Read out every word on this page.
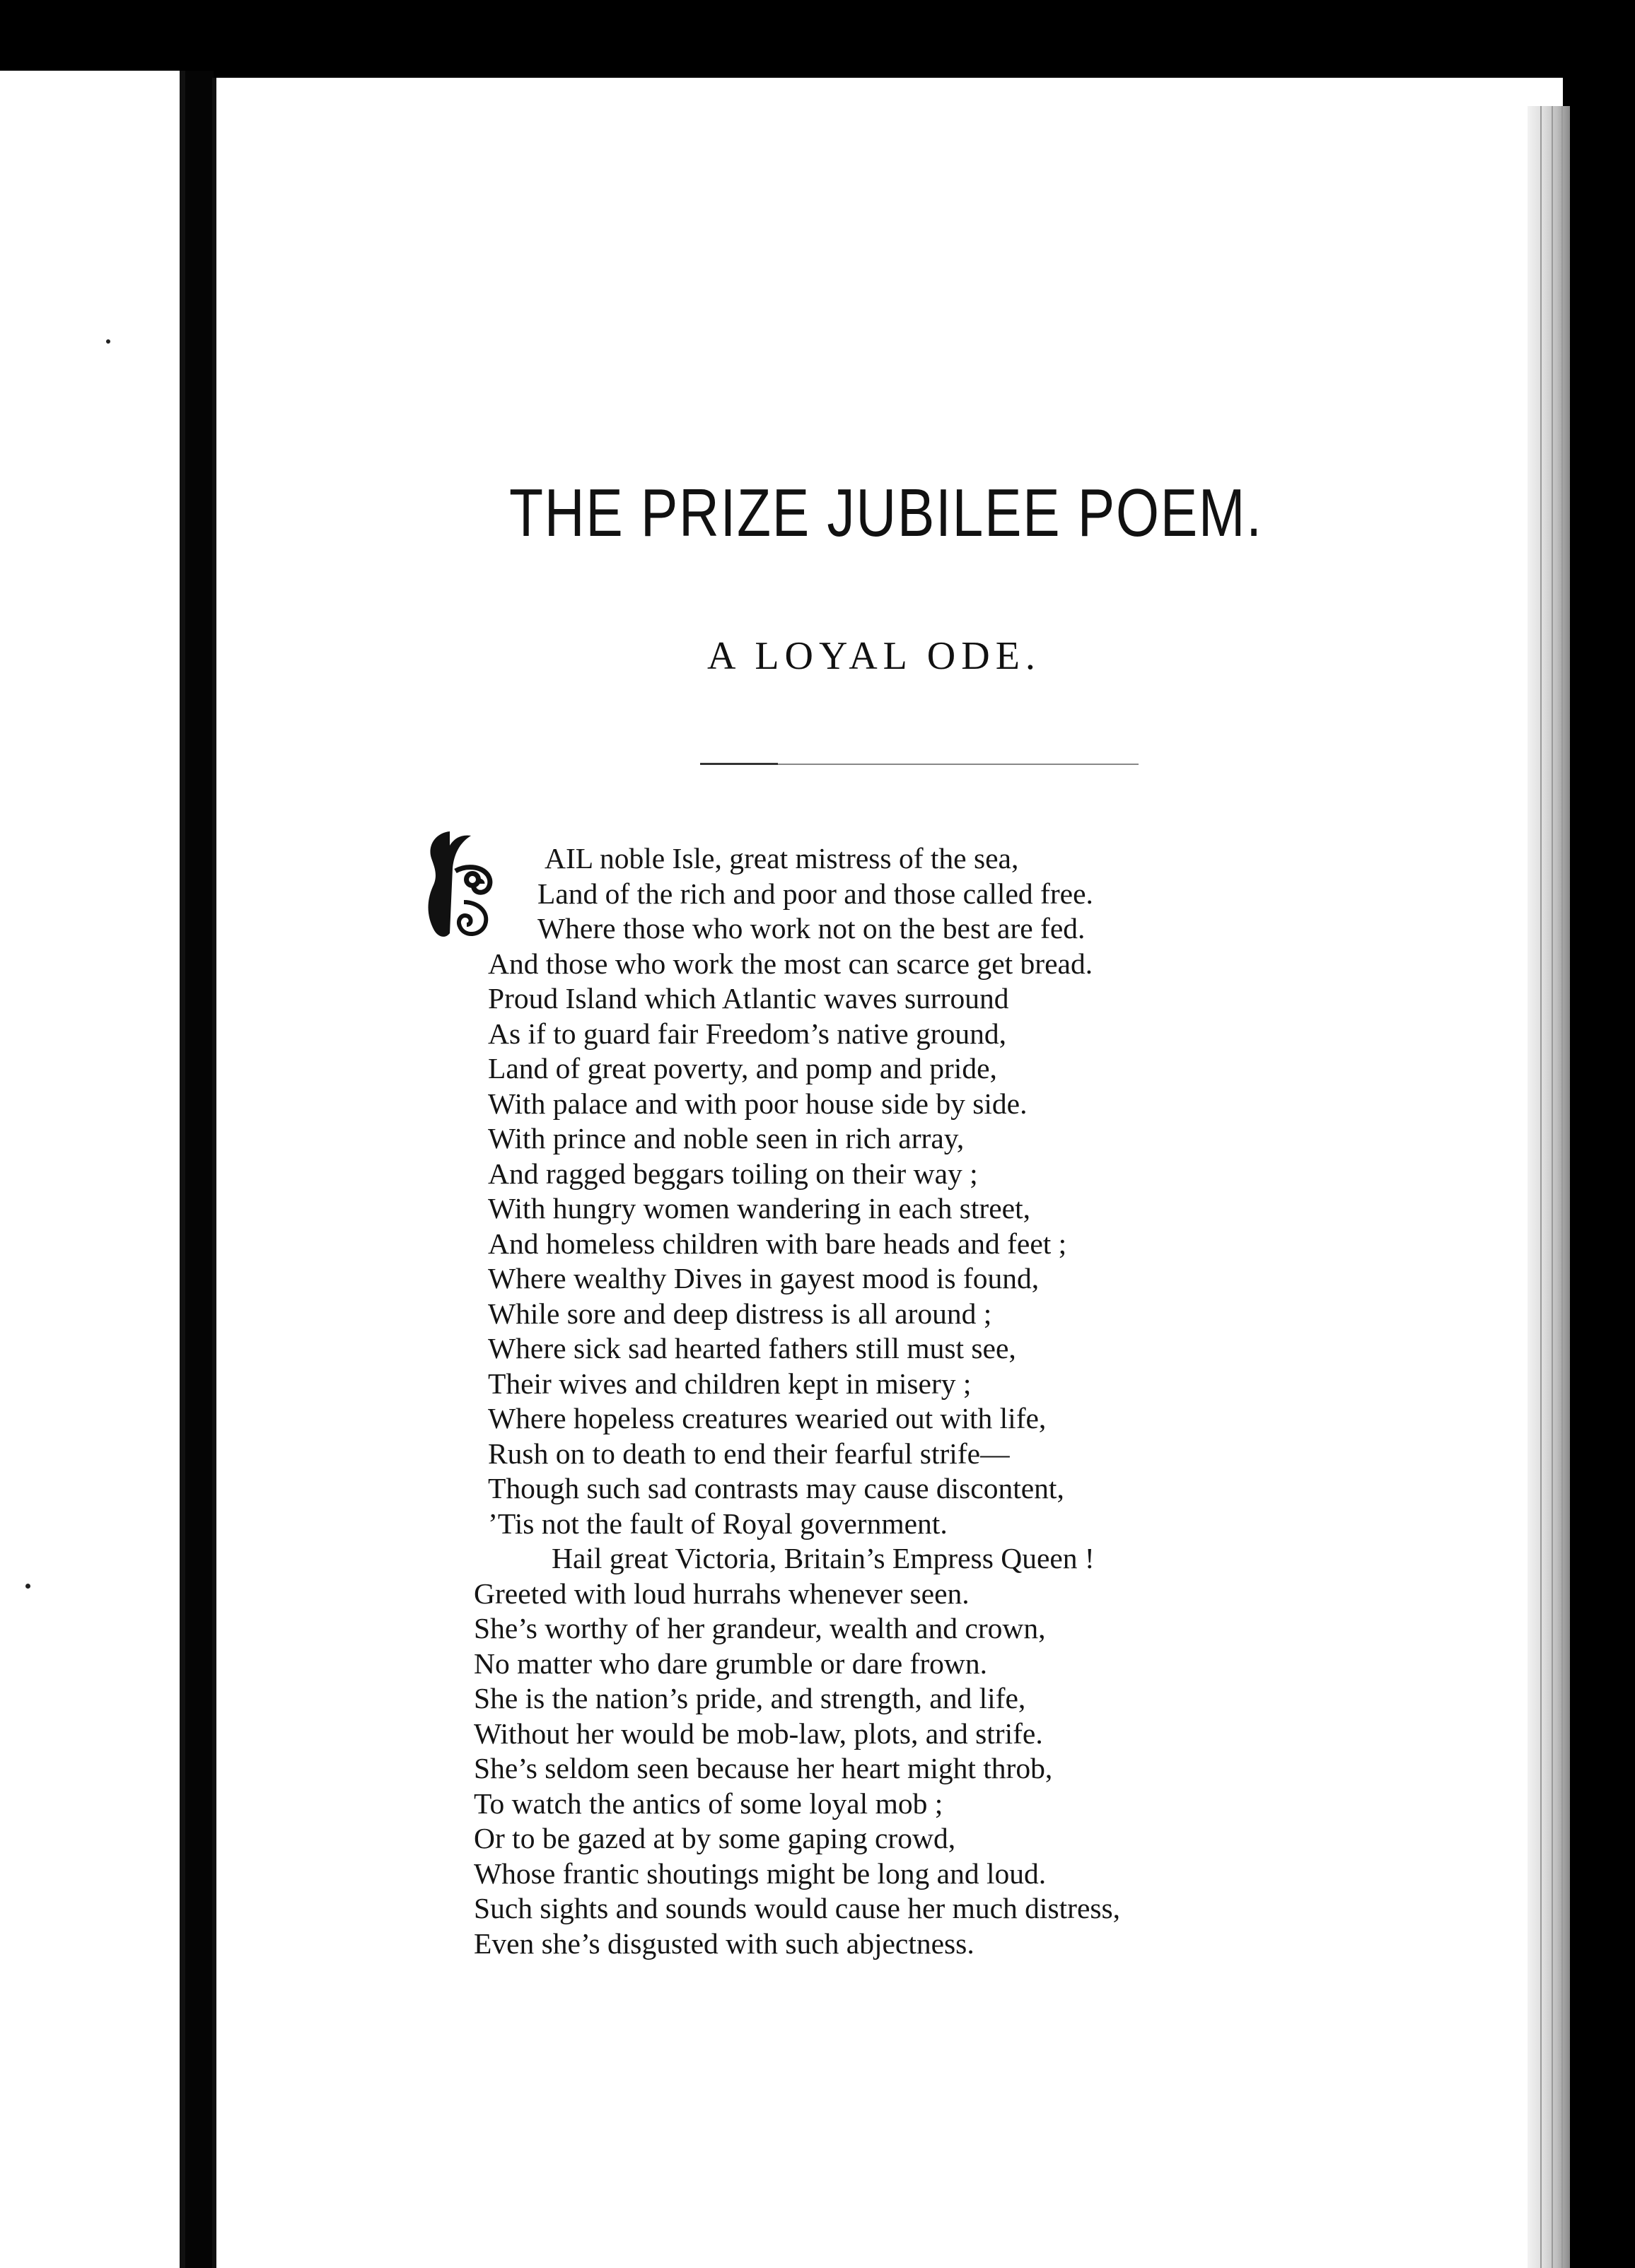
THE PRIZE JUBILEE POEM.
A LOYAL ODE.
AIL noble Isle, great mistress of the sea,
Land of the rich and poor and those called free.
Where those who work not on the best are fed.
And those who work the most can scarce get bread.
Proud Island which Atlantic waves surround
As if to guard fair Freedom’s native ground,
Land of great poverty, and pomp and pride,
With palace and with poor house side by side.
With prince and noble seen in rich array,
And ragged beggars toiling on their way ;
With hungry women wandering in each street,
And homeless children with bare heads and feet ;
Where wealthy Dives in gayest mood is found,
While sore and deep distress is all around ;
Where sick sad hearted fathers still must see,
Their wives and children kept in misery ;
Where hopeless creatures wearied out with life,
Rush on to death to end their fearful strife—
Though such sad contrasts may cause discontent,
’Tis not the fault of Royal government.
Hail great Victoria, Britain’s Empress Queen !
Greeted with loud hurrahs whenever seen.
She’s worthy of her grandeur, wealth and crown,
No matter who dare grumble or dare frown.
She is the nation’s pride, and strength, and life,
Without her would be mob-law, plots, and strife.
She’s seldom seen because her heart might throb,
To watch the antics of some loyal mob ;
Or to be gazed at by some gaping crowd,
Whose frantic shoutings might be long and loud.
Such sights and sounds would cause her much distress,
Even she’s disgusted with such abjectness.
